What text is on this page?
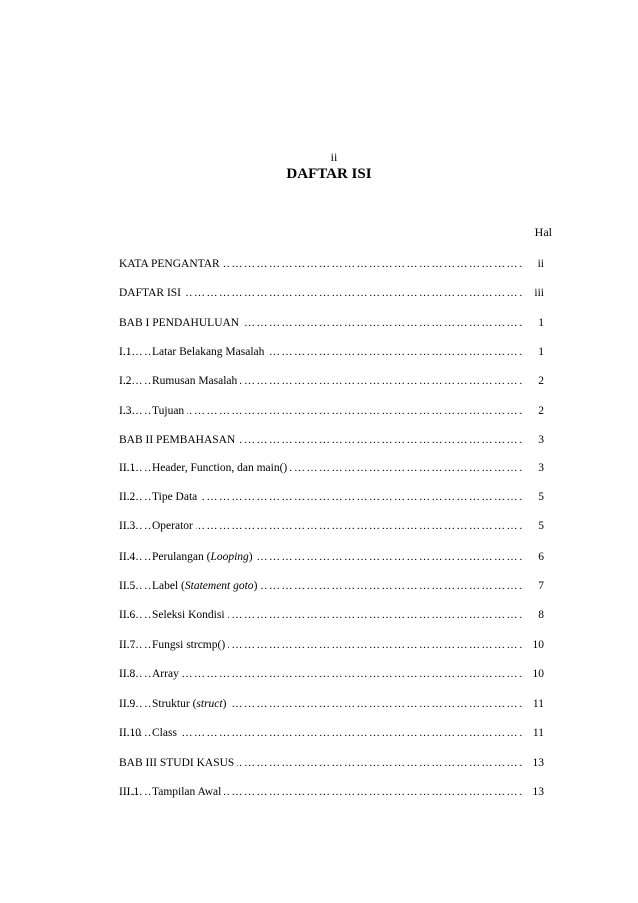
ii
DAFTAR ISI
Hal
…………………………………………………………………………………………………………………………………………………………
KATA PENGANTAR	ii
…………………………………………………………………………………………………………………………………………………………
DAFTAR ISI	iii
…………………………………………………………………………………………………………………………………………………………
BAB I PENDAHULUAN	1
…………………………………………………………………………………………………………………………………………………………
I.1 Latar Belakang Masalah	1
…………………………………………………………………………………………………………………………………………………………
I.2 Rumusan Masalah	2
…………………………………………………………………………………………………………………………………………………………
I.3 Tujuan	2
…………………………………………………………………………………………………………………………………………………………
BAB II PEMBAHASAN	3
…………………………………………………………………………………………………………………………………………………………
II.1 Header, Function, dan main()	3
…………………………………………………………………………………………………………………………………………………………
II.2 Tipe Data	5
…………………………………………………………………………………………………………………………………………………………
II.3 Operator	5
…………………………………………………………………………………………………………………………………………………………
II.4 Perulangan (Looping)	6
…………………………………………………………………………………………………………………………………………………………
II.5 Label (Statement goto)	7
…………………………………………………………………………………………………………………………………………………………
II.6 Seleksi Kondisi	8
…………………………………………………………………………………………………………………………………………………………
II.7 Fungsi strcmp()	10
…………………………………………………………………………………………………………………………………………………………
II.8 Array	10
…………………………………………………………………………………………………………………………………………………………
II.9 Struktur (struct)	11
…………………………………………………………………………………………………………………………………………………………
II.10 Class	11
…………………………………………………………………………………………………………………………………………………………
BAB III STUDI KASUS	13
…………………………………………………………………………………………………………………………………………………………
III.1 Tampilan Awal	13
